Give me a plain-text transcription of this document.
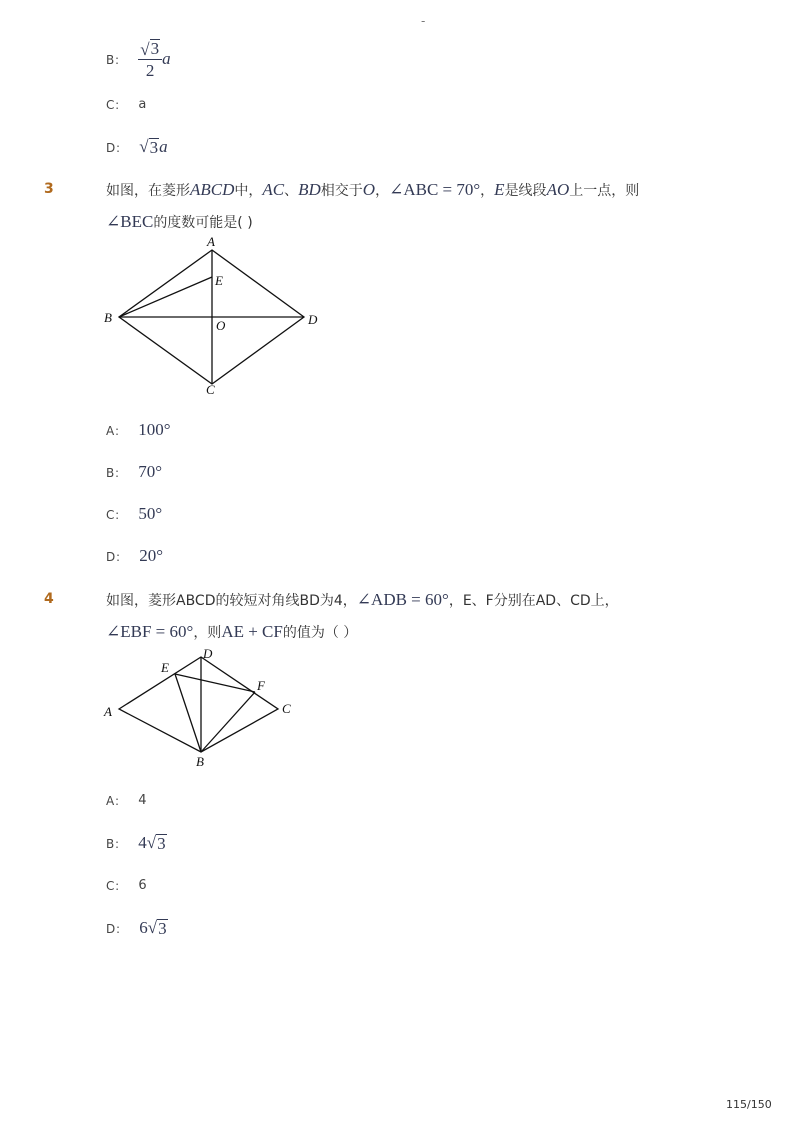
-
B： $\frac{√ 3}{2}$ a
C： a
D： √ 3 a
3	如图，在菱形ABCD中，AC、BD相交于O，∠ABC = 70°，E是线段AO上一点，则
∠BEC的度数可能是( )
A
E
B
O	D
C
A： 100°
B： 70°
C： 50°
D： 20°
4	如图，菱形ABCD的较短对角线BD为4，∠ADB = 60°，E、F分别在AD、CD上，
∠EBF = 60°，则AE + CF的值为（ ）
E
D
F
A	C
B
A： 4
B： 4√ 3
C： 6
D： 6√ 3
115/150
